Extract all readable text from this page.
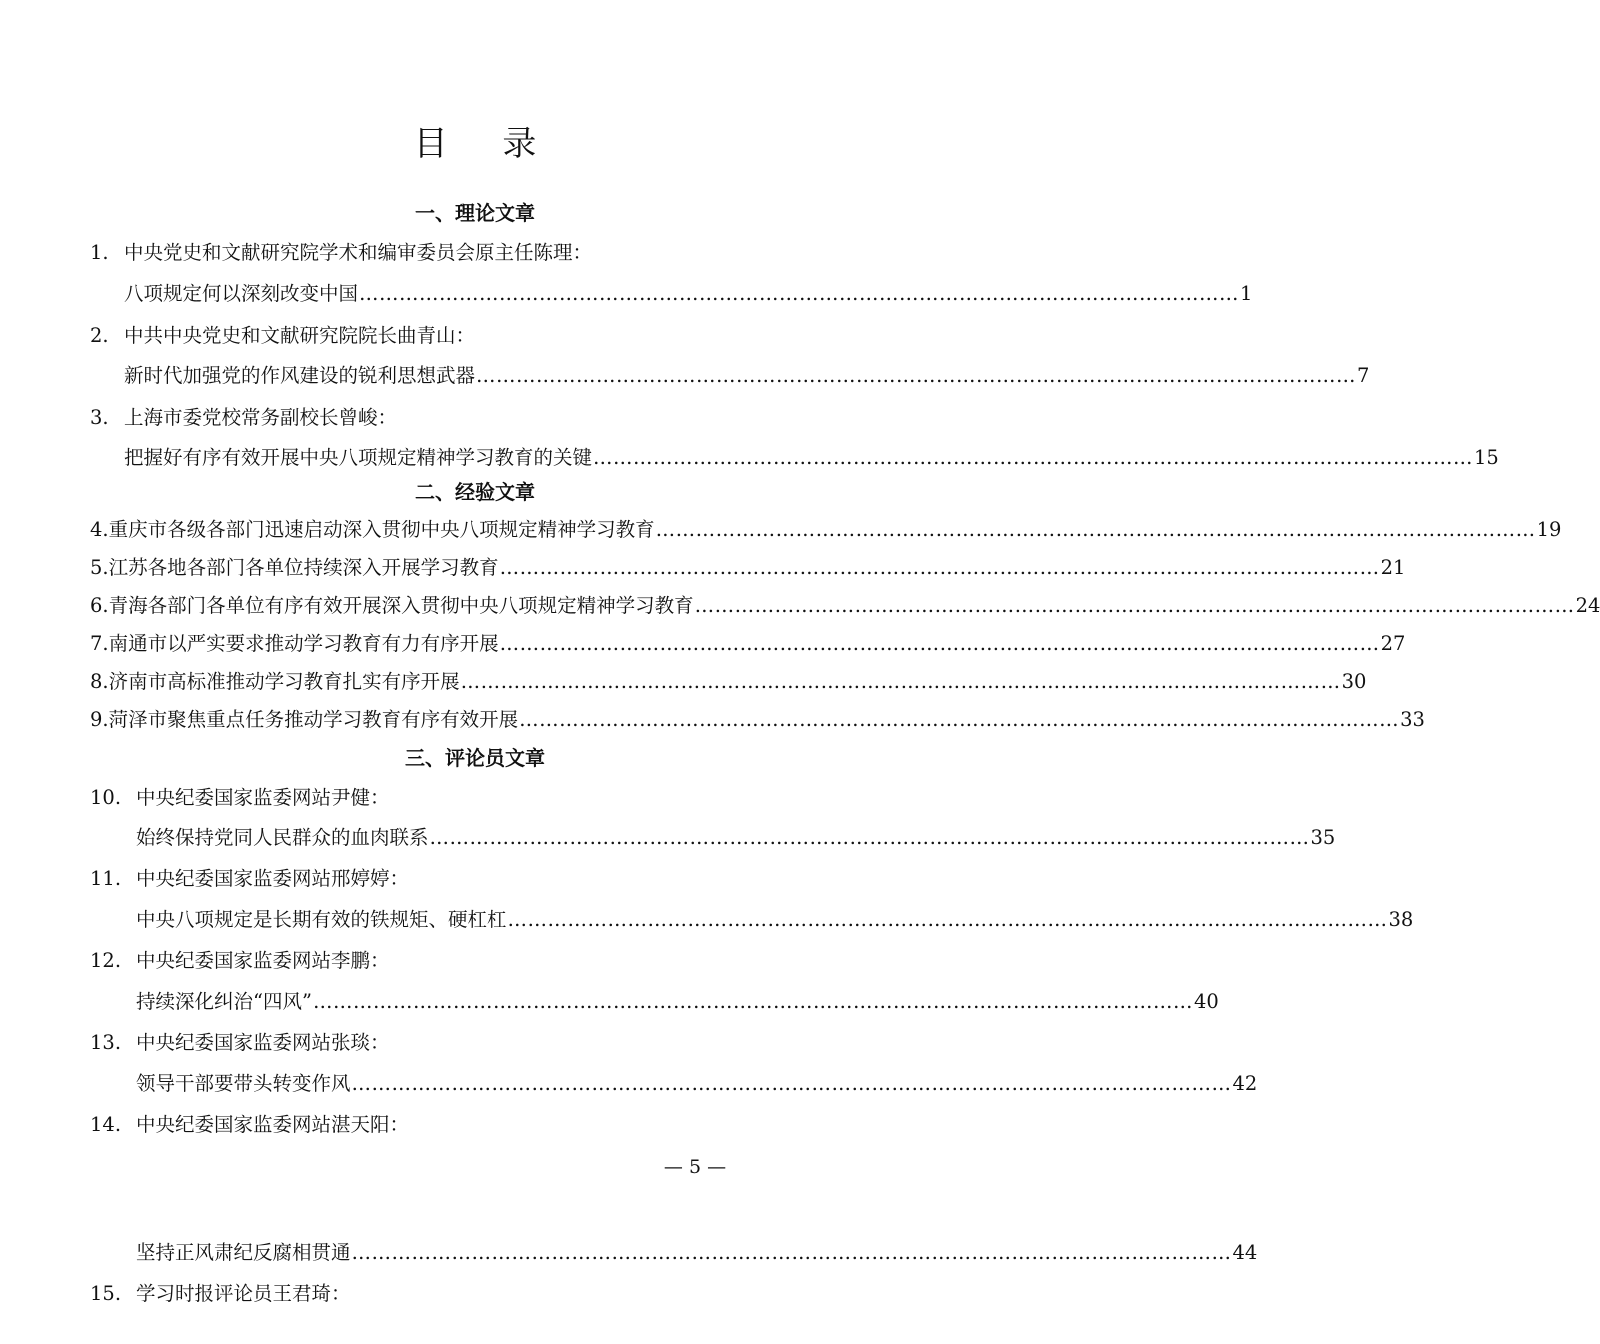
目 录
一、理论文章
1. 中央党史和文献研究院学术和编审委员会原主任陈理：
八项规定何以深刻改变中国 …………………………………………………………………………………………………………………… 1
2. 中共中央党史和文献研究院院长曲青山：
新时代加强党的作风建设的锐利思想武器 …………………………………………………………………………………………………………………… 7
3. 上海市委党校常务副校长曾峻：
把握好有序有效开展中央八项规定精神学习教育的关键 …………………………………………………………………………………………………………………… 15
二、经验文章
4. 重庆市各级各部门迅速启动深入贯彻中央八项规定精神学习教育 …………………………………………………………………………………………………………………… 19
5. 江苏各地各部门各单位持续深入开展学习教育 …………………………………………………………………………………………………………………… 21
6. 青海各部门各单位有序有效开展深入贯彻中央八项规定精神学习教育 …………………………………………………………………………………………………………………… 24
7. 南通市以严实要求推动学习教育有力有序开展 …………………………………………………………………………………………………………………… 27
8. 济南市高标准推动学习教育扎实有序开展 …………………………………………………………………………………………………………………… 30
9. 菏泽市聚焦重点任务推动学习教育有序有效开展 …………………………………………………………………………………………………………………… 33
三、评论员文章
10. 中央纪委国家监委网站尹健：
始终保持党同人民群众的血肉联系 …………………………………………………………………………………………………………………… 35
11. 中央纪委国家监委网站邢婷婷：
中央八项规定是长期有效的铁规矩、硬杠杠 …………………………………………………………………………………………………………………… 38
12. 中央纪委国家监委网站李鹏：
持续深化纠治“四风” …………………………………………………………………………………………………………………… 40
13. 中央纪委国家监委网站张琰：
领导干部要带头转变作风 …………………………………………………………………………………………………………………… 42
14. 中央纪委国家监委网站湛天阳：
— 5 —
坚持正风肃纪反腐相贯通 …………………………………………………………………………………………………………………… 44
15. 学习时报评论员王君琦：
